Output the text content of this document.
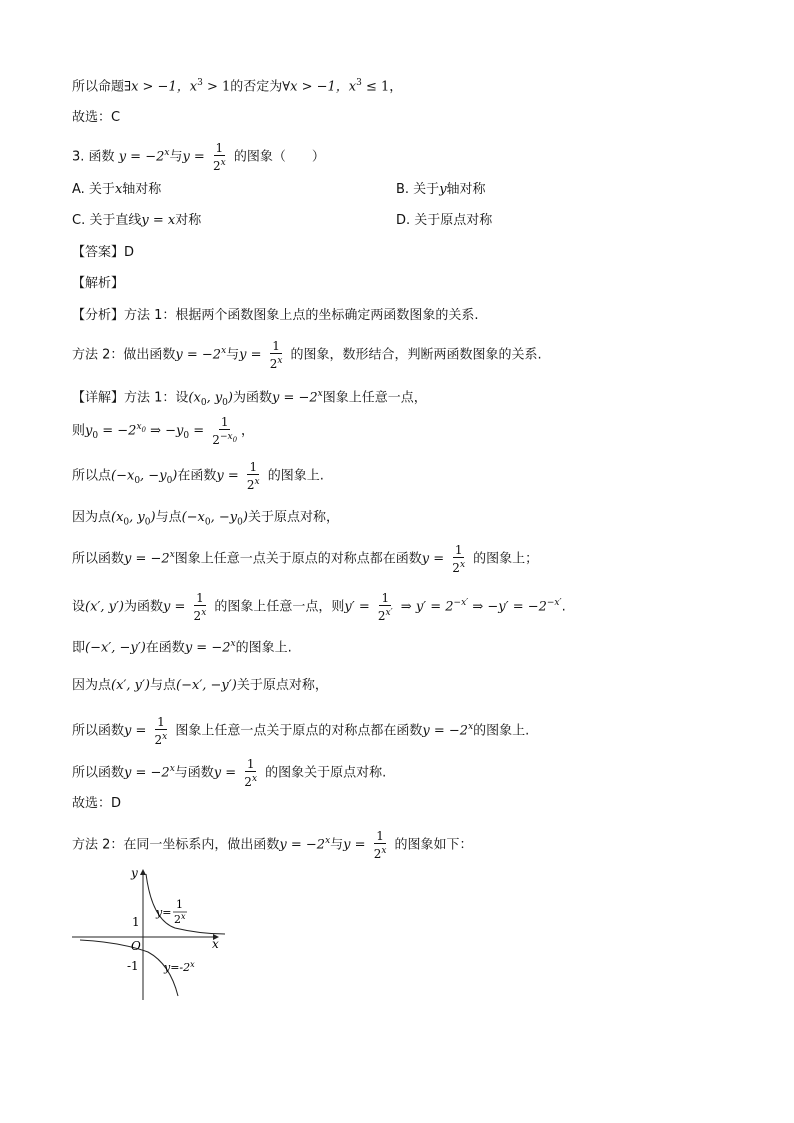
所以命题∃x > −1，$x^3 > 1$的否定为∀x > −1，$x^3 \le 1$，
故选：C
3. 函数 $y = -2^x$与$y = \frac{1}{2^x}$ 的图象（　　）
A. 关于x轴对称	B. 关于y轴对称
C. 关于直线y = x对称	D. 关于原点对称
【答案】D
【解析】
【分析】方法 1：根据两个函数图象上点的坐标确定两函数图象的关系.
方法 2：做出函数$y = -2^x$与$y = \frac{1}{2^x}$ 的图象，数形结合，判断两函数图象的关系.
【详解】方法 1：设($x_0$, $y_0$)为函数$y = -2^x$图象上任意一点，
则$y_0 = -2^{x_0}$ ⇒ $-y_0 = \frac{1}{2^{-x_0}}$ ，
所以点($-x_0$, $-y_0$)在函数$y = \frac{1}{2^x}$ 的图象上.
因为点($x_0$, $y_0$)与点($-x_0$, $-y_0$)关于原点对称，
所以函数$y = -2^x$图象上任意一点关于原点的对称点都在函数$y = \frac{1}{2^x}$ 的图象上；
设(x′, y′)为函数$y = \frac{1}{2^x}$ 的图象上任意一点，则$y' = \frac{1}{2^{x'}}$ ⇒ $y' = 2^{-x'}$ ⇒ $-y' = -2^{-x'}$.
即(−x′, −y′)在函数$y = -2^x$的图象上.
因为点(x′, y′)与点(−x′, −y′)关于原点对称，
所以函数$y = \frac{1}{2^x}$ 图象上任意一点关于原点的对称点都在函数$y = -2^x$的图象上.
所以函数$y = -2^x$与函数$y = \frac{1}{2^x}$ 的图象关于原点对称.
故选：D
方法 2：在同一坐标系内，做出函数$y = -2^x$与$y = \frac{1}{2^x}$ 的图象如下：
y
x
O
1
-1
y=
1
2$^x$
$y=-2^x$
